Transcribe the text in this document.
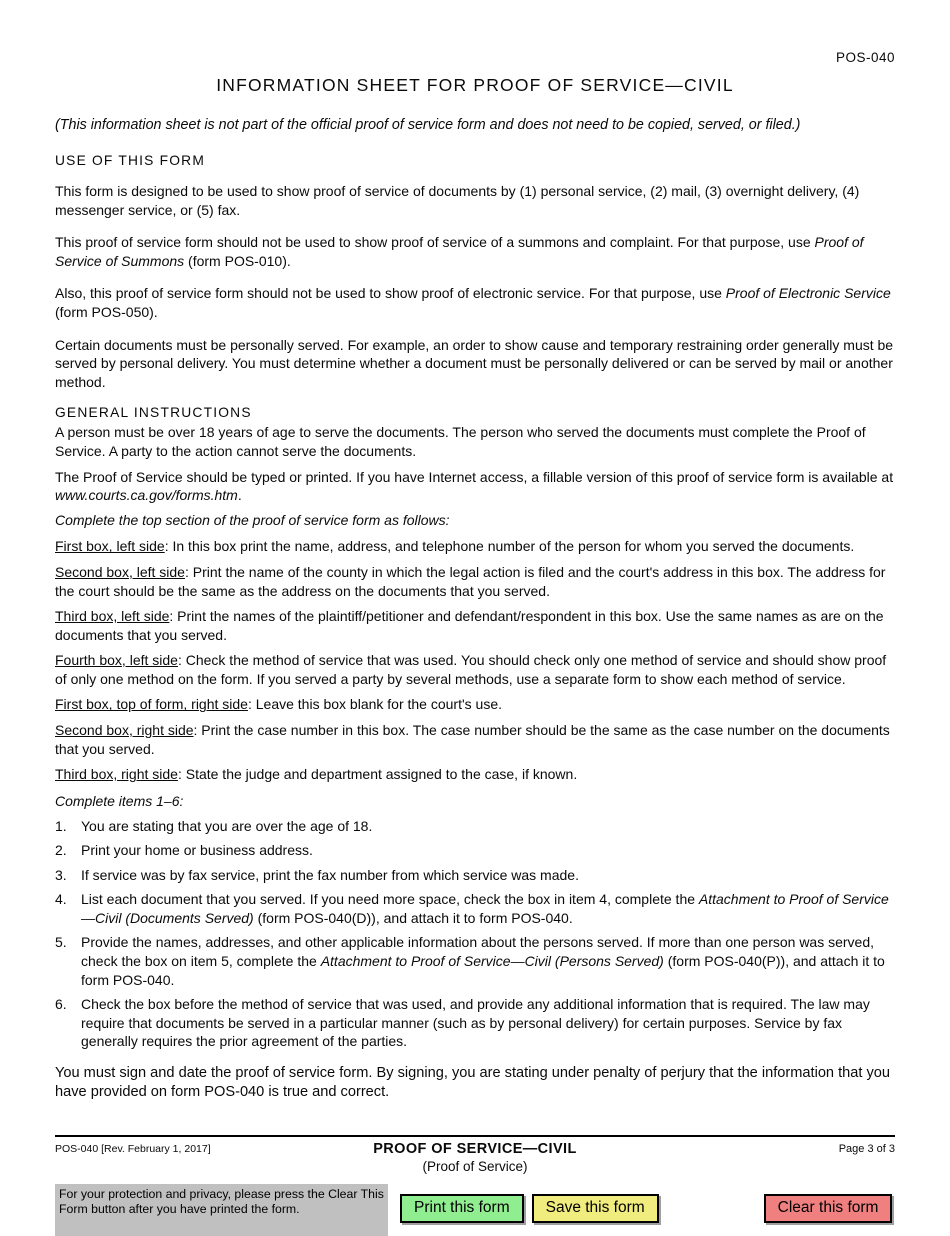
POS-040
INFORMATION SHEET FOR PROOF OF SERVICE—CIVIL

(This information sheet is not part of the official proof of service form and does not need to be copied, served, or filed.)

USE OF THIS FORM

This form is designed to be used to show proof of service of documents by (1) personal service, (2) mail, (3) overnight delivery, (4) messenger service, or (5) fax.

This proof of service form should not be used to show proof of service of a summons and complaint. For that purpose, use Proof of Service of Summons (form POS-010).

Also, this proof of service form should not be used to show proof of electronic service. For that purpose, use Proof of Electronic Service (form POS-050).

Certain documents must be personally served. For example, an order to show cause and temporary restraining order generally must be served by personal delivery. You must determine whether a document must be personally delivered or can be served by mail or another method.

GENERAL INSTRUCTIONS

A person must be over 18 years of age to serve the documents. The person who served the documents must complete the Proof of Service. A party to the action cannot serve the documents.

The Proof of Service should be typed or printed. If you have Internet access, a fillable version of this proof of service form is available at www.courts.ca.gov/forms.htm.

Complete the top section of the proof of service form as follows:

First box, left side: In this box print the name, address, and telephone number of the person for whom you served the documents.

Second box, left side: Print the name of the county in which the legal action is filed and the court's address in this box. The address for the court should be the same as the address on the documents that you served.

Third box, left side: Print the names of the plaintiff/petitioner and defendant/respondent in this box. Use the same names as are on the documents that you served.

Fourth box, left side: Check the method of service that was used. You should check only one method of service and should show proof of only one method on the form. If you served a party by several methods, use a separate form to show each method of service.

First box, top of form, right side: Leave this box blank for the court's use.

Second box, right side: Print the case number in this box. The case number should be the same as the case number on the documents that you served.

Third box, right side: State the judge and department assigned to the case, if known.

Complete items 1–6:

1.	You are stating that you are over the age of 18.
2.	Print your home or business address.
3.	If service was by fax service, print the fax number from which service was made.
4.	List each document that you served. If you need more space, check the box in item 4, complete the Attachment to Proof of Service—Civil (Documents Served) (form POS-040(D)), and attach it to form POS-040.
5.	Provide the names, addresses, and other applicable information about the persons served. If more than one person was served, check the box on item 5, complete the Attachment to Proof of Service—Civil (Persons Served) (form POS-040(P)), and attach it to form POS-040.
6.	Check the box before the method of service that was used, and provide any additional information that is required. The law may require that documents be served in a particular manner (such as by personal delivery) for certain purposes. Service by fax generally requires the prior agreement of the parties.

You must sign and date the proof of service form. By signing, you are stating under penalty of perjury that the information that you have provided on form POS-040 is true and correct.

POS-040 [Rev. February 1, 2017]	PROOF OF SERVICE—CIVIL
(Proof of Service)
Page 3 of 3
For your protection and privacy, please press the Clear This Form button after you have printed the form.	Print this form	Save this form	Clear this form
